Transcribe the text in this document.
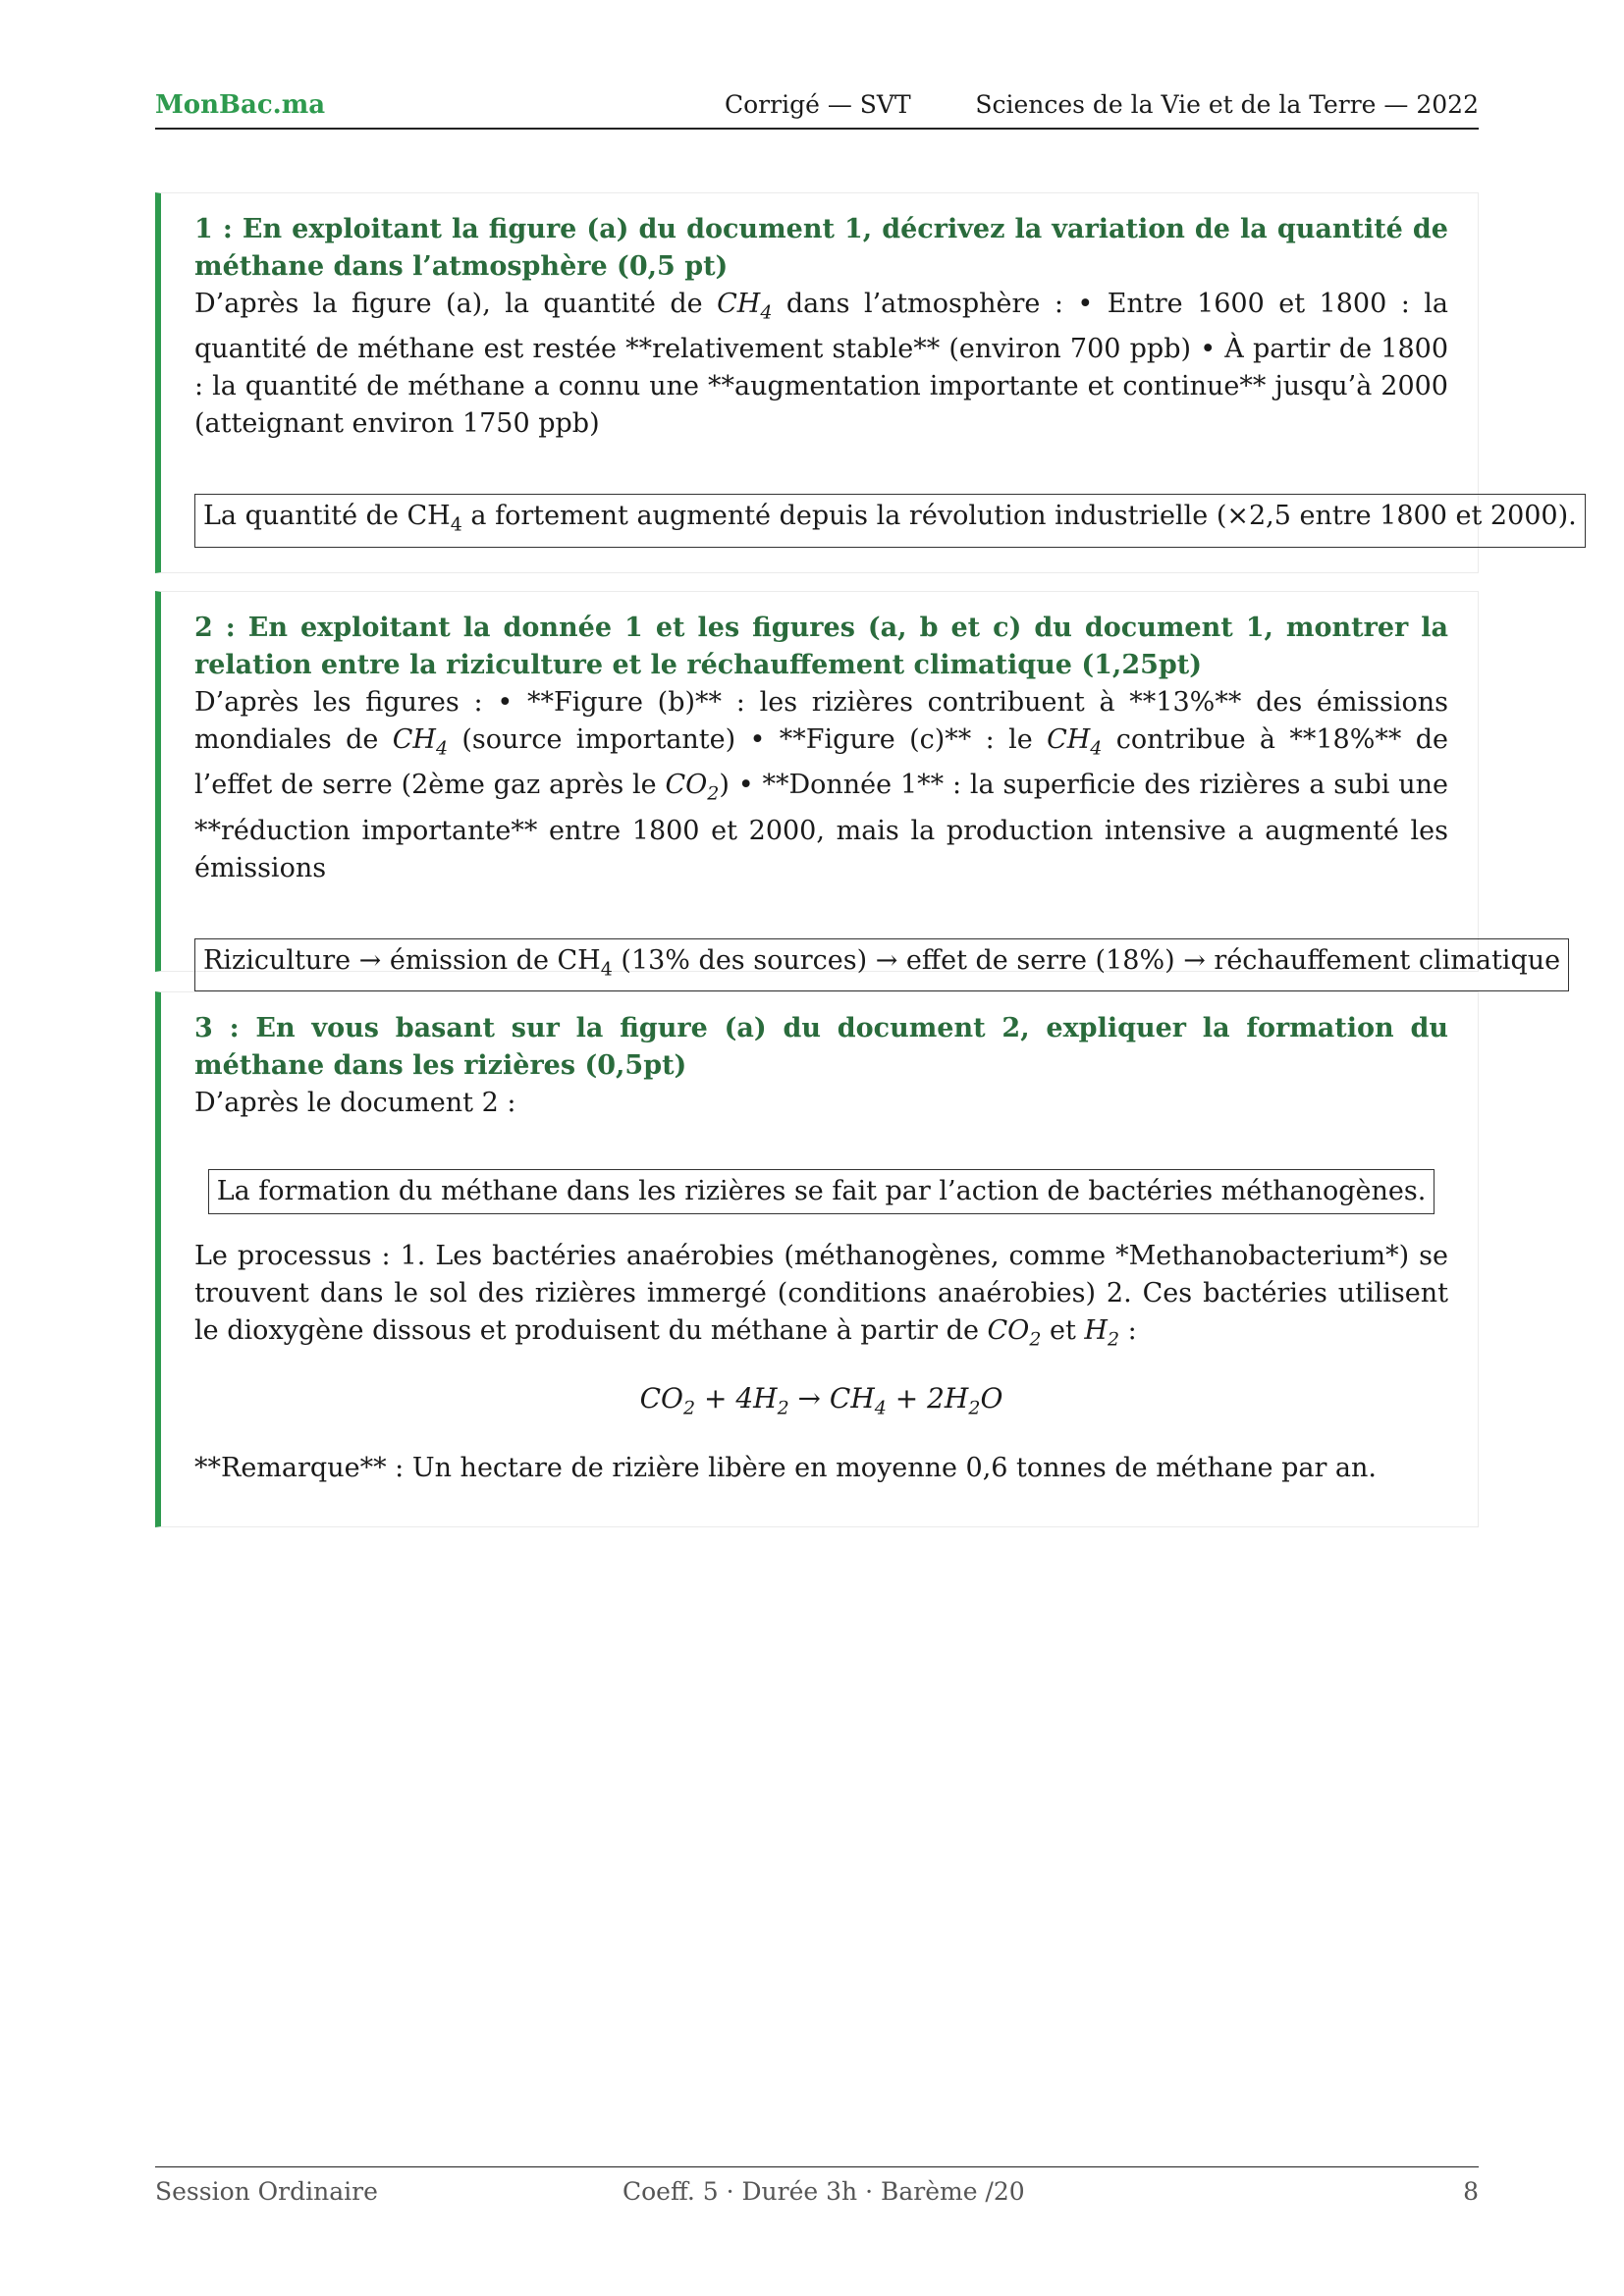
MonBac.ma	Corrigé — SVT	Sciences de la Vie et de la Terre — 2022
1 : En exploitant la figure (a) du document 1, décrivez la variation de la quantité de méthane dans l’atmosphère (0,5 pt)
D’après la figure (a), la quantité de $CH_4$ dans l’atmosphère : • Entre 1600 et 1800 : la quantité de méthane est restée **relativement stable** (environ 700 ppb) • À partir de 1800 : la quantité de méthane a connu une **augmentation importante et continue** jusqu’à 2000 (atteignant environ 1750 ppb)
La quantité de $CH_4$ a fortement augmenté depuis la révolution industrielle (×2,5 entre 1800 et 2000).
2 : En exploitant la donnée 1 et les figures (a, b et c) du document 1, montrer la relation entre la riziculture et le réchauffement climatique (1,25pt)
D’après les figures : • **Figure (b)** : les rizières contribuent à **13%** des émissions mondiales de $CH_4$ (source importante) • **Figure (c)** : le $CH_4$ contribue à **18%** de l’effet de serre (2ème gaz après le $CO_2$) • **Donnée 1** : la superficie des rizières a subi une **réduction importante** entre 1800 et 2000, mais la production intensive a augmenté les émissions
Riziculture → émission de $CH_4$ (13% des sources) → effet de serre (18%) → réchauffement climatique
3 : En vous basant sur la figure (a) du document 2, expliquer la formation du méthane dans les rizières (0,5pt)
D’après le document 2 :
La formation du méthane dans les rizières se fait par l’action de bactéries méthanogènes.
Le processus : 1. Les bactéries anaérobies (méthanogènes, comme *Methanobacterium*) se trouvent dans le sol des rizières immergé (conditions anaérobies) 2. Ces bactéries utilisent le dioxygène dissous et produisent du méthane à partir de $CO_2$ et $H_2$ :
$CO_2 + 4H_2 \to CH_4 + 2H_2O$
**Remarque** : Un hectare de rizière libère en moyenne 0,6 tonnes de méthane par an.
Session Ordinaire	Coeff. 5 · Durée 3h · Barème /20	8
